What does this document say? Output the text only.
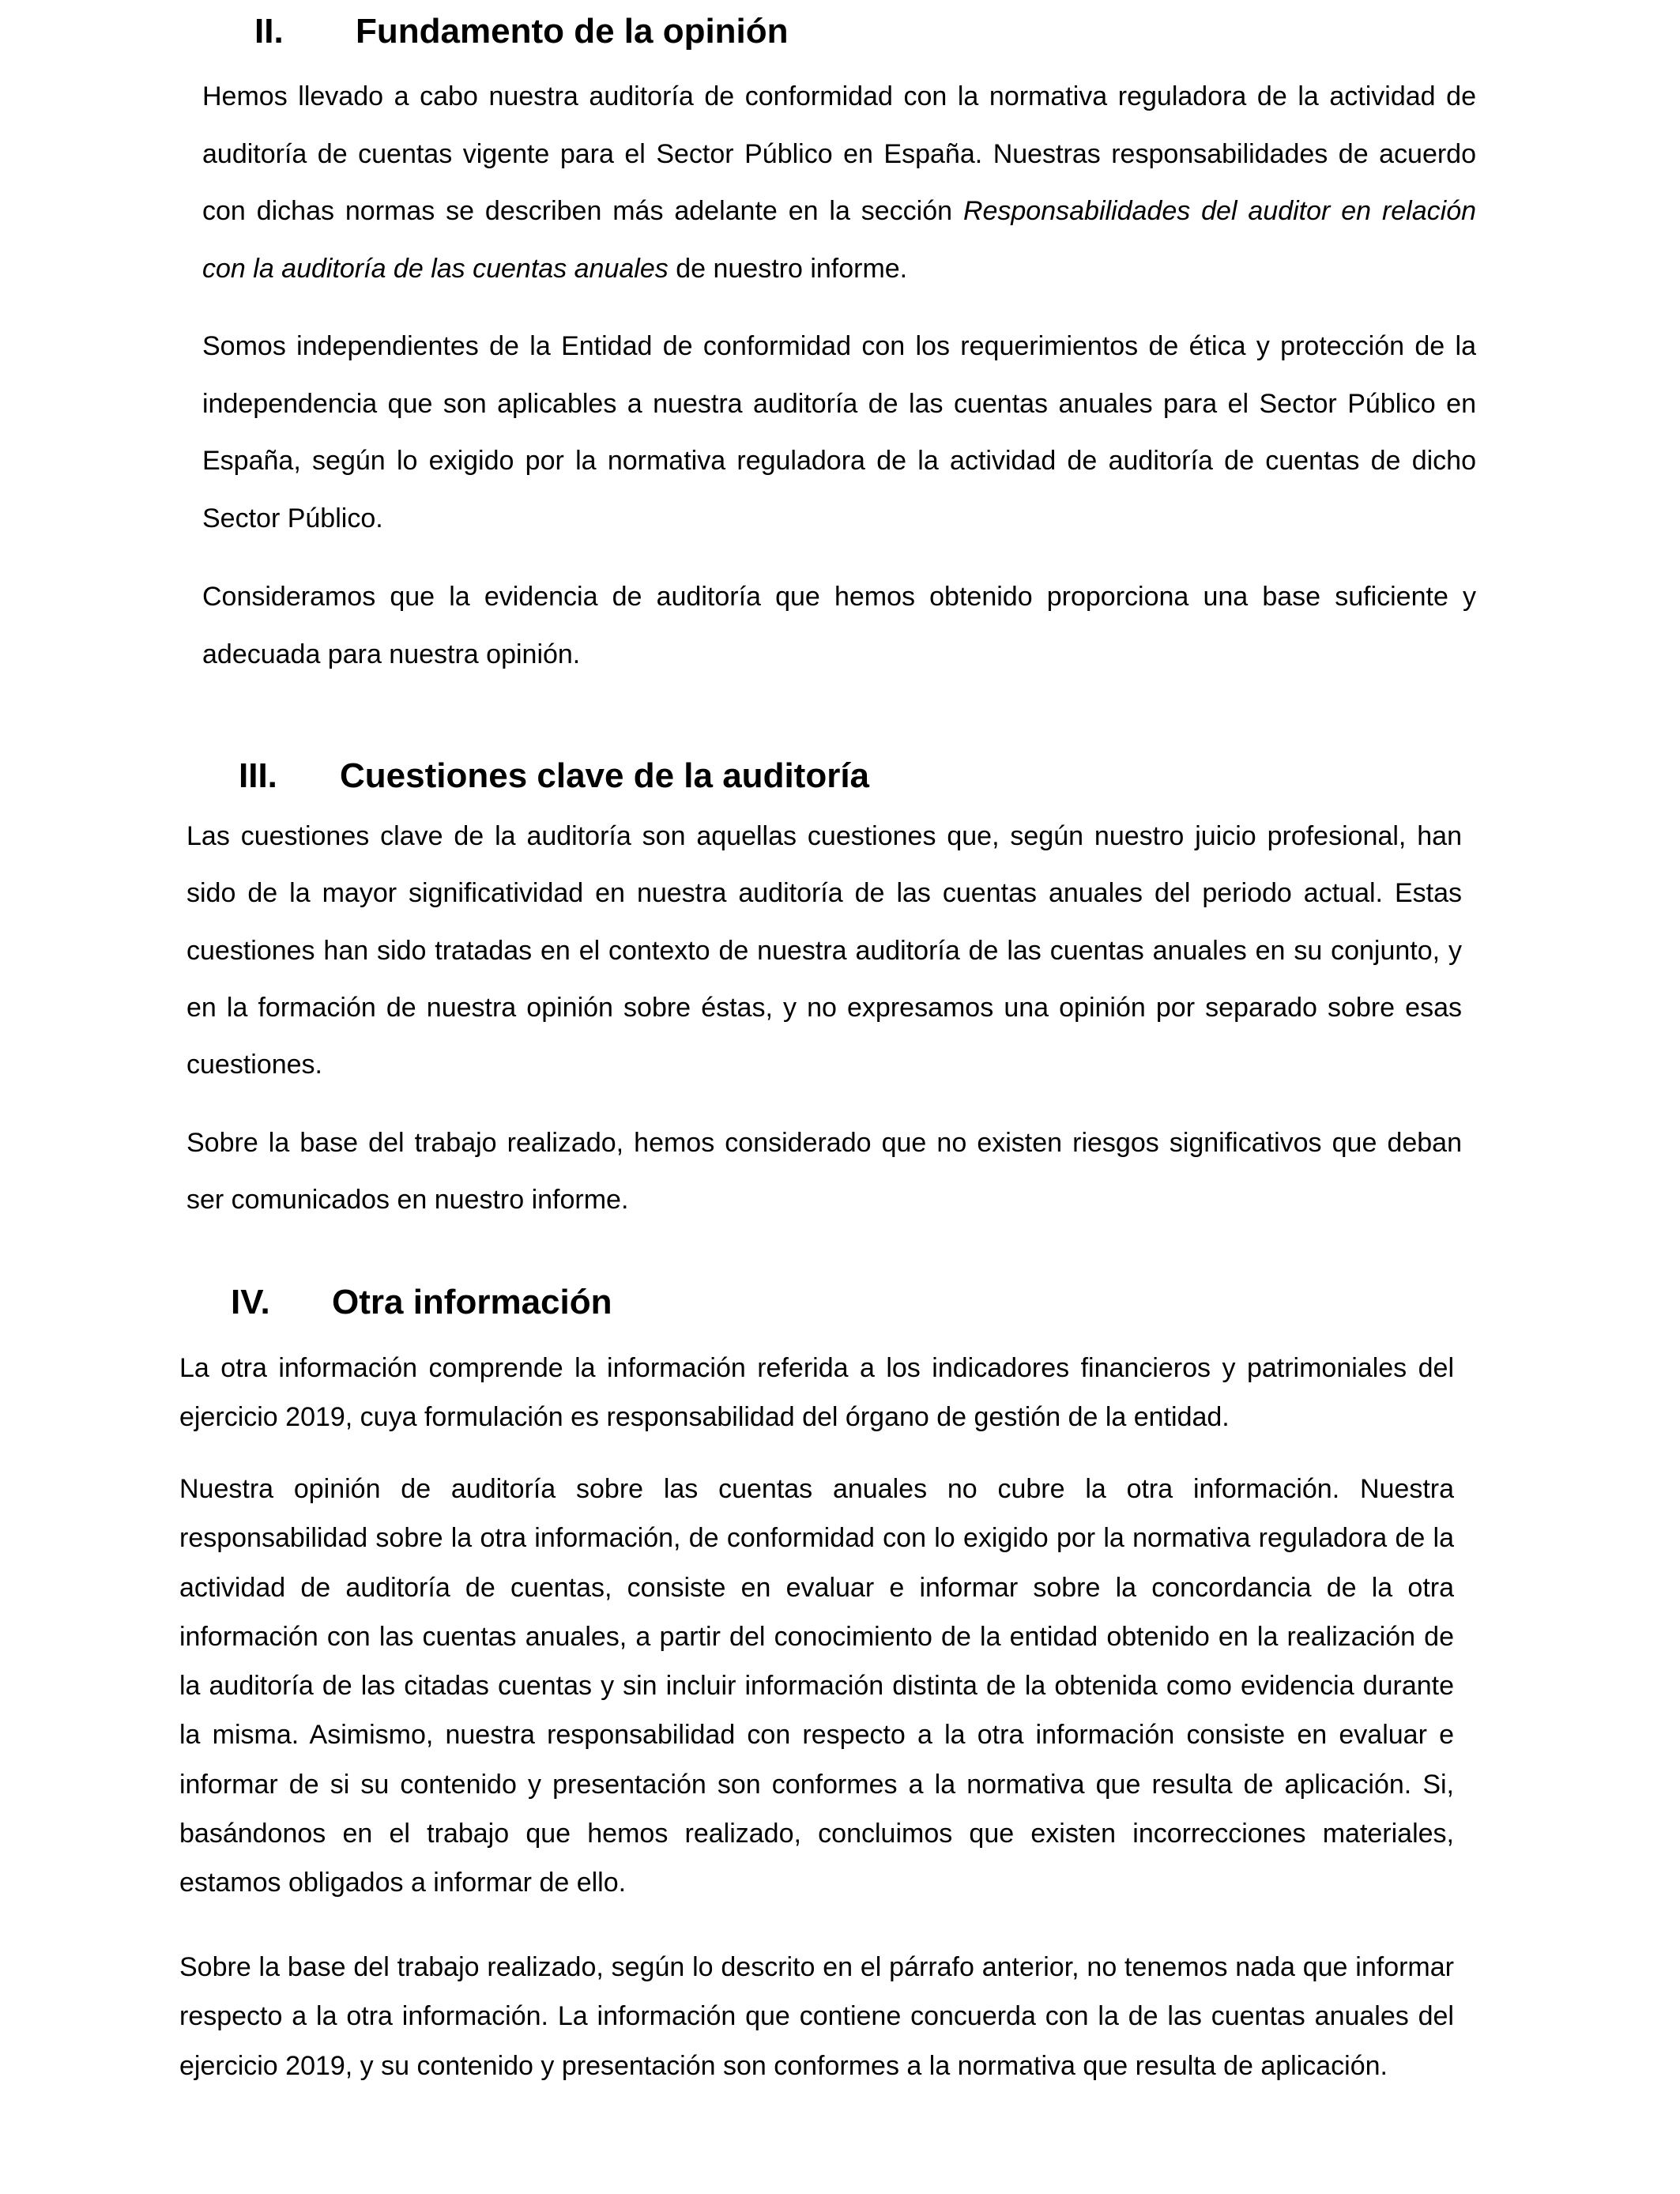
II. Fundamento de la opinión

Hemos llevado a cabo nuestra auditoría de conformidad con la normativa reguladora de la actividad de auditoría de cuentas vigente para el Sector Público en España. Nuestras responsabilidades de acuerdo con dichas normas se describen más adelante en la sección Responsabilidades del auditor en relación con la auditoría de las cuentas anuales de nuestro informe.

Somos independientes de la Entidad de conformidad con los requerimientos de ética y protección de la independencia que son aplicables a nuestra auditoría de las cuentas anuales para el Sector Público en España, según lo exigido por la normativa reguladora de la actividad de auditoría de cuentas de dicho Sector Público.

Consideramos que la evidencia de auditoría que hemos obtenido proporciona una base suficiente y adecuada para nuestra opinión.

III. Cuestiones clave de la auditoría

Las cuestiones clave de la auditoría son aquellas cuestiones que, según nuestro juicio profesional, han sido de la mayor significatividad en nuestra auditoría de las cuentas anuales del periodo actual. Estas cuestiones han sido tratadas en el contexto de nuestra auditoría de las cuentas anuales en su conjunto, y en la formación de nuestra opinión sobre éstas, y no expresamos una opinión por separado sobre esas cuestiones.

Sobre la base del trabajo realizado, hemos considerado que no existen riesgos significativos que deban ser comunicados en nuestro informe.

IV. Otra información

La otra información comprende la información referida a los indicadores financieros y patrimoniales del ejercicio 2019, cuya formulación es responsabilidad del órgano de gestión de la entidad.

Nuestra opinión de auditoría sobre las cuentas anuales no cubre la otra información. Nuestra responsabilidad sobre la otra información, de conformidad con lo exigido por la normativa reguladora de la actividad de auditoría de cuentas, consiste en evaluar e informar sobre la concordancia de la otra información con las cuentas anuales, a partir del conocimiento de la entidad obtenido en la realización de la auditoría de las citadas cuentas y sin incluir información distinta de la obtenida como evidencia durante la misma. Asimismo, nuestra responsabilidad con respecto a la otra información consiste en evaluar e informar de si su contenido y presentación son conformes a la normativa que resulta de aplicación. Si, basándonos en el trabajo que hemos realizado, concluimos que existen incorrecciones materiales, estamos obligados a informar de ello.

Sobre la base del trabajo realizado, según lo descrito en el párrafo anterior, no tenemos nada que informar respecto a la otra información. La información que contiene concuerda con la de las cuentas anuales del ejercicio 2019, y su contenido y presentación son conformes a la normativa que resulta de aplicación.
